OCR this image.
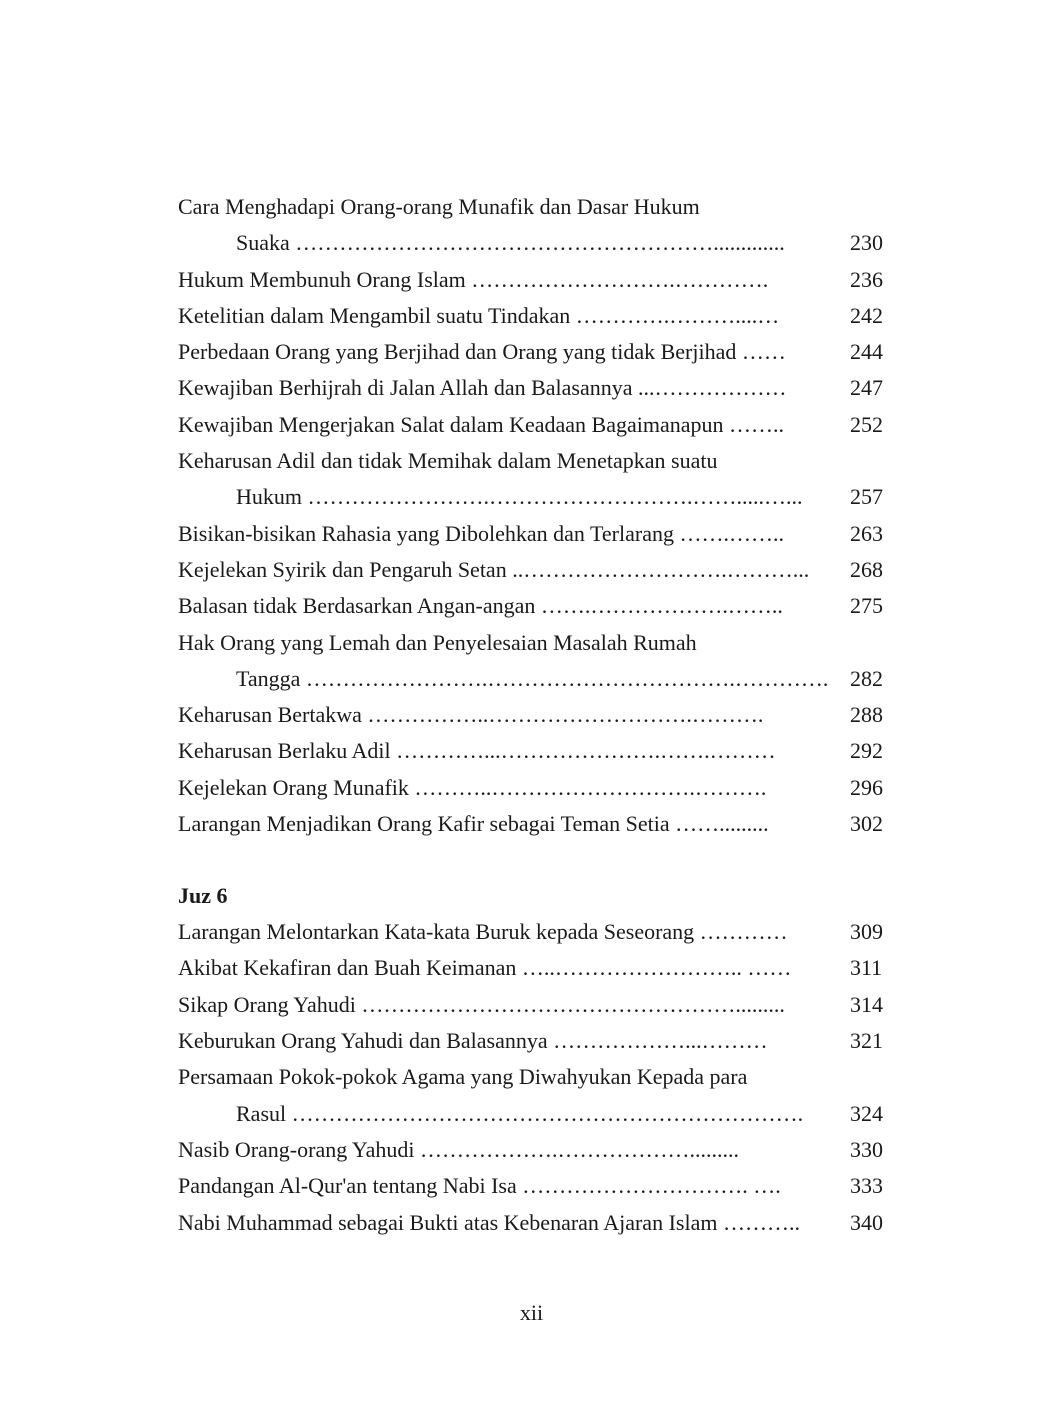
Cara Menghadapi Orang-orang Munafik dan Dasar Hukum
Suaka ………………………………………………….............	230
Hukum Membunuh Orang Islam ……………………….………….	236
Ketelitian dalam Mengambil suatu Tindakan ………….………....…	242
Perbedaan Orang yang Berjihad dan Orang yang tidak Berjihad ……	244
Kewajiban Berhijrah di Jalan Allah dan Balasannya ...………………	247
Kewajiban Mengerjakan Salat dalam Keadaan Bagaimanapun ……..	252
Keharusan Adil dan tidak Memihak dalam Menetapkan suatu
Hukum …………………….……………………….…….....…... 257
Bisikan-bisikan Rahasia yang Dibolehkan dan Terlarang …….……..	263
Kejelekan Syirik dan Pengaruh Setan ..……………………….………... 268
Balasan tidak Berdasarkan Angan-angan …….……………….……..	275
Hak Orang yang Lemah dan Penyelesaian Masalah Rumah
Tangga …………………….…………………………….…………. 282
Keharusan Bertakwa ……………..……………………….……….	288
Keharusan Berlaku Adil …………...………………….…….………	292
Kejelekan Orang Munafik ………..……………………….……….	296
Larangan Menjadikan Orang Kafir sebagai Teman Setia …….........	302
Juz 6
Larangan Melontarkan Kata-kata Buruk kepada Seseorang …………	309
Akibat Kekafiran dan Buah Keimanan …..…………………….. ……	311
Sikap Orang Yahudi …………………………………………….........	314
Keburukan Orang Yahudi dan Balasannya ………………...………	321
Persamaan Pokok-pokok Agama yang Diwahyukan Kepada para
Rasul ……………………………………………………………. 324
Nasib Orang-orang Yahudi ……………….……………….........	330
Pandangan Al-Qur'an tentang Nabi Isa …………………………. ….	333
Nabi Muhammad sebagai Bukti atas Kebenaran Ajaran Islam ……….. 340
xii
